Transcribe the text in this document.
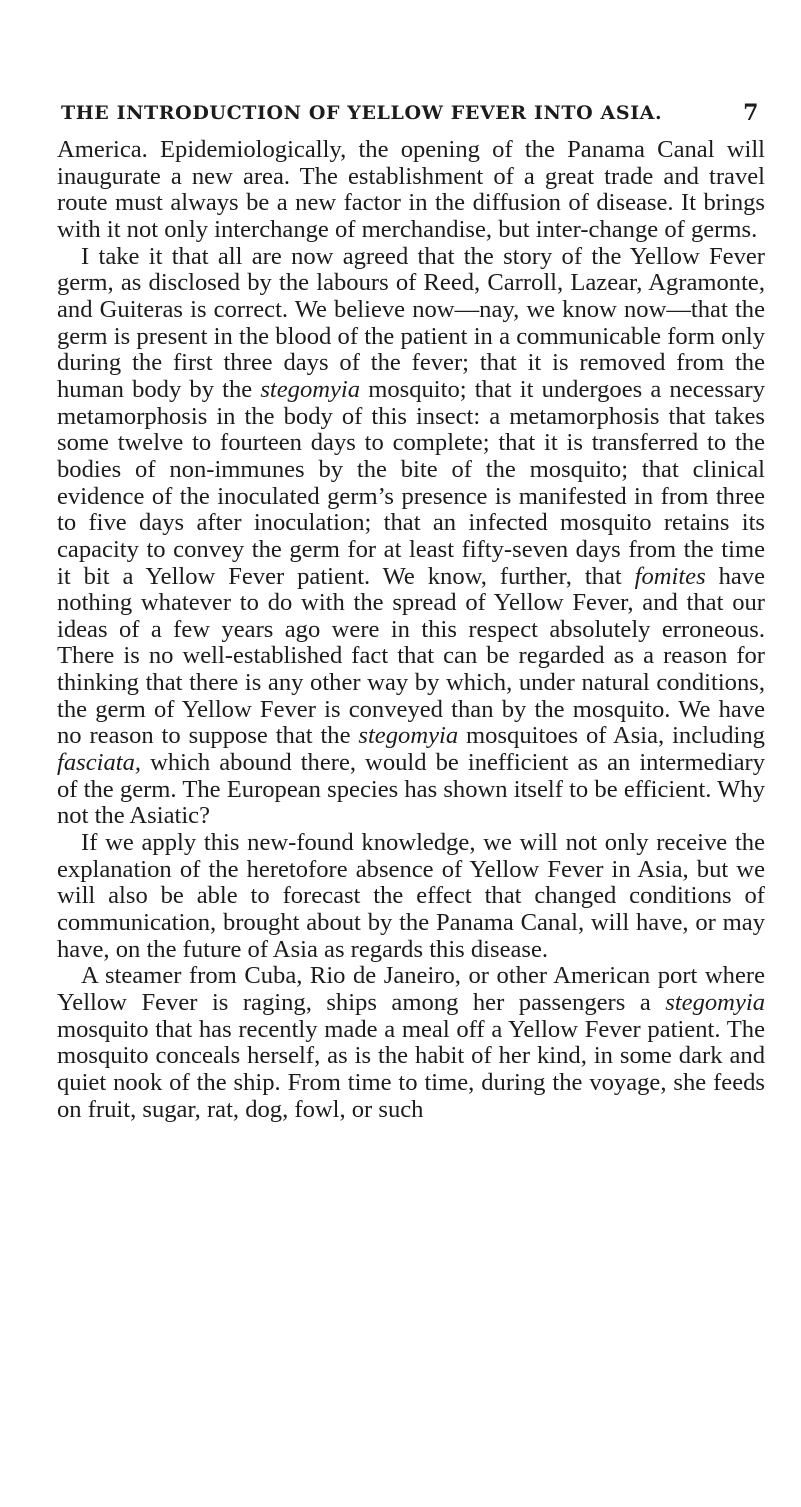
THE INTRODUCTION OF YELLOW FEVER INTO ASIA.	7

America. Epidemiologically, the opening of the Panama Canal will inaugurate a new area. The establishment of a great trade and travel route must always be a new factor in the diffusion of disease. It brings with it not only interchange of merchandise, but inter-change of germs.

I take it that all are now agreed that the story of the Yellow Fever germ, as disclosed by the labours of Reed, Carroll, Lazear, Agramonte, and Guiteras is correct. We believe now—nay, we know now—that the germ is present in the blood of the patient in a communicable form only during the first three days of the fever; that it is removed from the human body by the stegomyia mosquito; that it undergoes a necessary metamorphosis in the body of this insect: a metamorphosis that takes some twelve to fourteen days to complete; that it is transferred to the bodies of non-immunes by the bite of the mosquito; that clinical evidence of the inoculated germ’s presence is manifested in from three to five days after inoculation; that an infected mosquito retains its capacity to convey the germ for at least fifty-seven days from the time it bit a Yellow Fever patient. We know, further, that fomites have nothing whatever to do with the spread of Yellow Fever, and that our ideas of a few years ago were in this respect absolutely erroneous. There is no well-established fact that can be regarded as a reason for thinking that there is any other way by which, under natural conditions, the germ of Yellow Fever is conveyed than by the mosquito. We have no reason to suppose that the stegomyia mosquitoes of Asia, including fasciata, which abound there, would be inefficient as an intermediary of the germ. The European species has shown itself to be efficient. Why not the Asiatic?

If we apply this new-found knowledge, we will not only receive the explanation of the heretofore absence of Yellow Fever in Asia, but we will also be able to forecast the effect that changed conditions of communication, brought about by the Panama Canal, will have, or may have, on the future of Asia as regards this disease.

A steamer from Cuba, Rio de Janeiro, or other American port where Yellow Fever is raging, ships among her passengers a stegomyia mosquito that has recently made a meal off a Yellow Fever patient. The mosquito conceals herself, as is the habit of her kind, in some dark and quiet nook of the ship. From time to time, during the voyage, she feeds on fruit, sugar, rat, dog, fowl, or such
